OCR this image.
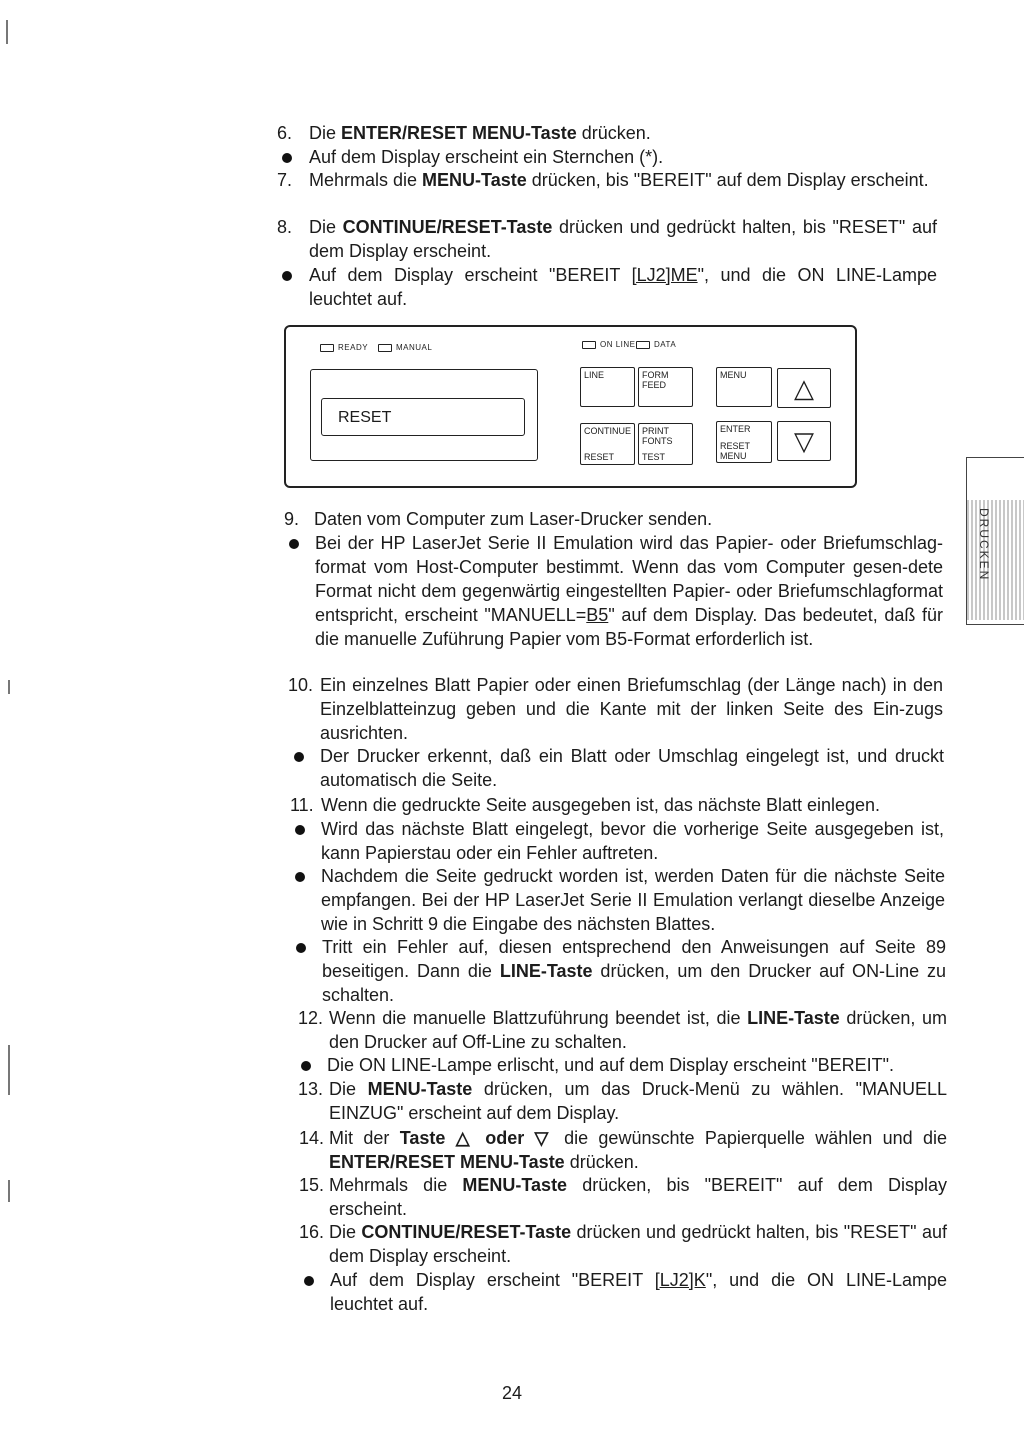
6. Die ENTER/RESET MENU-Taste drücken.
Auf dem Display erscheint ein Sternchen (*).
7. Mehrmals die MENU-Taste drücken, bis "BEREIT" auf dem Display erscheint.
8. Die CONTINUE/RESET-Taste drücken und gedrückt halten, bis "RESET" auf dem Display erscheint.
Auf dem Display erscheint "BEREIT [LJ2]ME", und die ON LINE-Lampe leuchtet auf.
READY	MANUAL	ON LINE DATA
RESET
LINE	FORM
FEED
MENU	△
CONTINUE
RESET
PRINT
FONTS
TEST
ENTER
RESET
MENU ▽
DRUCKEN
9. Daten vom Computer zum Laser-Drucker senden.
Bei der HP LaserJet Serie II Emulation wird das Papier- oder Briefumschlag-format vom Host-Computer bestimmt. Wenn das vom Computer gesen-dete Format nicht dem gegenwärtig eingestellten Papier- oder Briefumschlagformat entspricht, erscheint "MANUELL=B5" auf dem Display. Das bedeutet, daß für die manuelle Zuführung Papier vom B5-Format erforderlich ist.
10. Ein einzelnes Blatt Papier oder einen Briefumschlag (der Länge nach) in den Einzelblatteinzug geben und die Kante mit der linken Seite des Ein-zugs ausrichten.
Der Drucker erkennt, daß ein Blatt oder Umschlag eingelegt ist, und druckt automatisch die Seite.
11. Wenn die gedruckte Seite ausgegeben ist, das nächste Blatt einlegen.
Wird das nächste Blatt eingelegt, bevor die vorherige Seite ausgegeben ist, kann Papierstau oder ein Fehler auftreten.
Nachdem die Seite gedruckt worden ist, werden Daten für die nächste Seite empfangen. Bei der HP LaserJet Serie II Emulation verlangt dieselbe Anzeige wie in Schritt 9 die Eingabe des nächsten Blattes.
Tritt ein Fehler auf, diesen entsprechend den Anweisungen auf Seite 89 beseitigen. Dann die LINE-Taste drücken, um den Drucker auf ON-Line zu schalten.
12. Wenn die manuelle Blattzuführung beendet ist, die LINE-Taste drücken, um den Drucker auf Off-Line zu schalten.
Die ON LINE-Lampe erlischt, und auf dem Display erscheint "BEREIT".
13. Die MENU-Taste drücken, um das Druck-Menü zu wählen. "MANUELL EINZUG" erscheint auf dem Display.
14. Mit der Taste △ oder ▽ die gewünschte Papierquelle wählen und die ENTER/RESET MENU-Taste drücken.
15. Mehrmals die MENU-Taste drücken, bis "BEREIT" auf dem Display erscheint.
16. Die CONTINUE/RESET-Taste drücken und gedrückt halten, bis "RESET" auf dem Display erscheint.
Auf dem Display erscheint "BEREIT [LJ2]K", und die ON LINE-Lampe leuchtet auf.
24
